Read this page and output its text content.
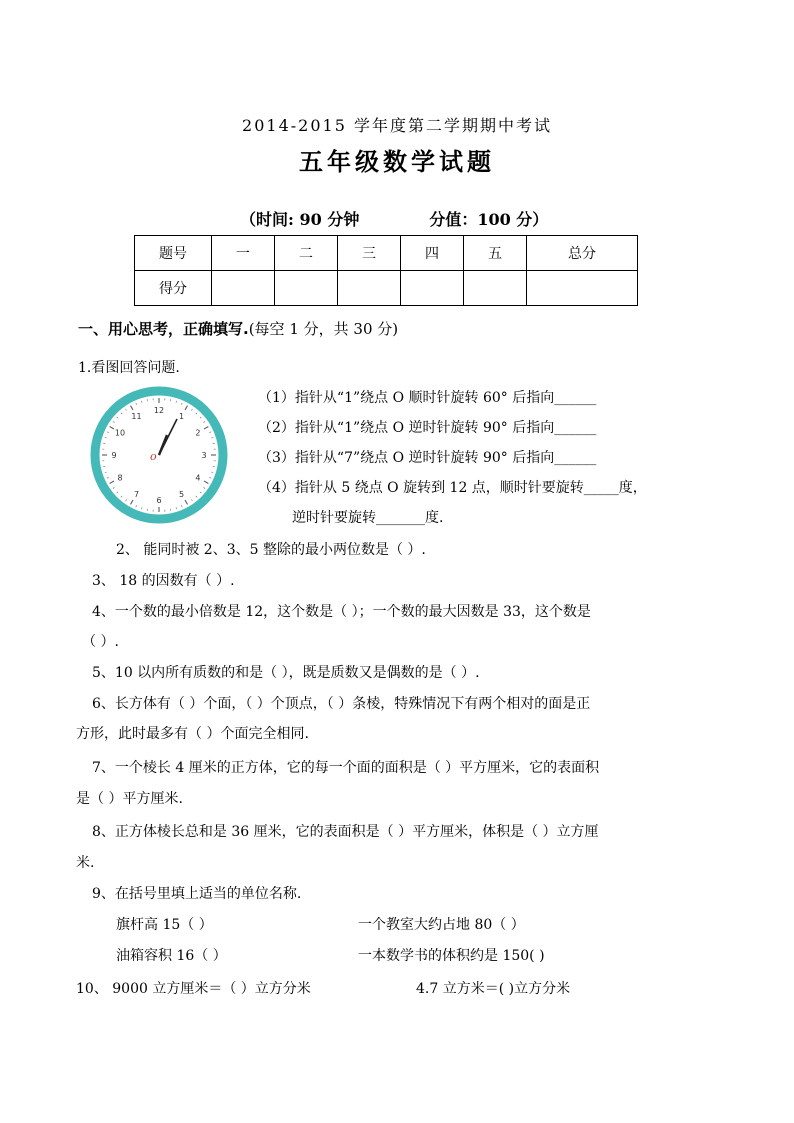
2014-2015 学年度第二学期期中考试
五年级数学试题
（时间: 90 分钟	分值：100 分）
题号	一	二	三	四	五	总分
得分						
一、用心思考，正确填写.(每空 1 分，共 30 分)
1.看图回答问题.
12
1
2
3
4
5
6
7
8
9
10
11
o
（1）指针从“1”绕点 O 顺时针旋转 60° 后指向______
（2）指针从“1”绕点 O 逆时针旋转 90° 后指向______
（3）指针从“7”绕点 O 逆时针旋转 90° 后指向______
（4）指针从 5 绕点 O 旋转到 12 点，顺时针要旋转_____度，
逆时针要旋转_______度.
2、 能同时被 2、3、5 整除的最小两位数是（ ）.
3、 18 的因数有（ ）.
4、一个数的最小倍数是 12，这个数是（ ）；一个数的最大因数是 33，这个数是
（ ）.
5、10 以内所有质数的和是（ ），既是质数又是偶数的是（ ）.
6、长方体有（ ）个面，（ ）个顶点，（ ）条棱，特殊情况下有两个相对的面是正
方形，此时最多有（ ）个面完全相同.
7、一个棱长 4 厘米的正方体，它的每一个面的面积是（ ）平方厘米，它的表面积
是（ ）平方厘米.
8、正方体棱长总和是 36 厘米，它的表面积是（ ）平方厘米，体积是（ ）立方厘
米.
9、在括号里填上适当的单位名称.
旗杆高 15（ ）	一个教室大约占地 80（ ）
油箱容积 16（ ）	一本数学书的体积约是 150( )
10、 9000 立方厘米＝（ ）立方分米	4.7 立方米＝( )立方分米
